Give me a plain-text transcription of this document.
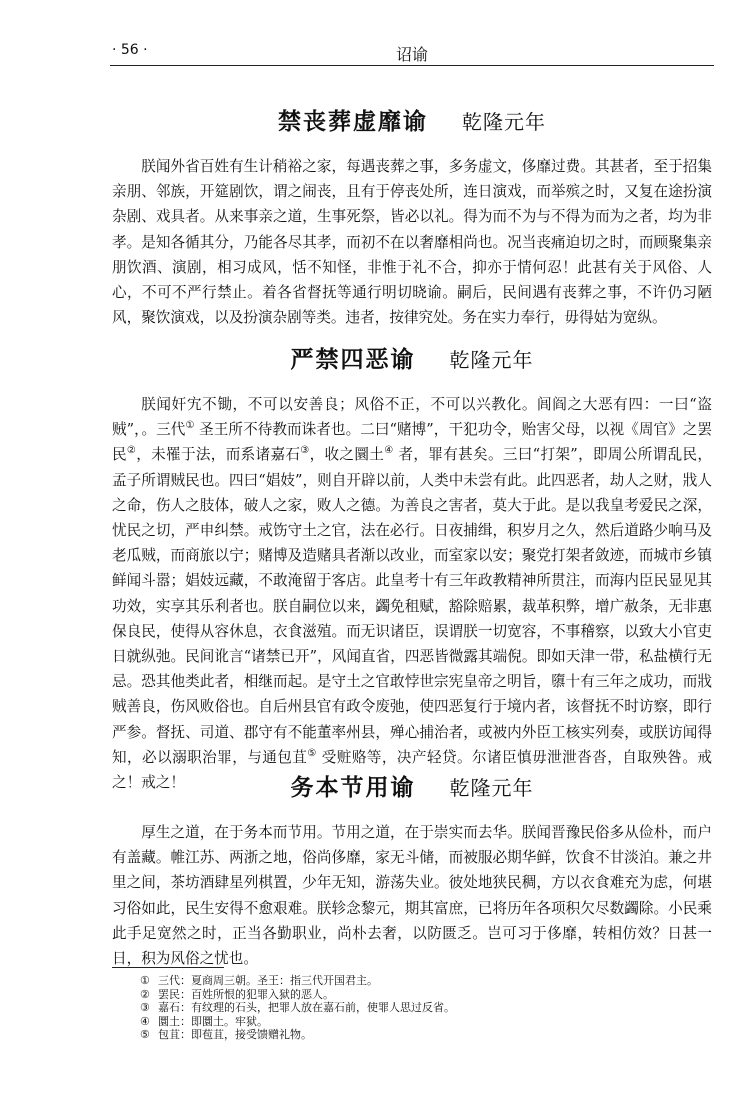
· 56 ·	诏谕
禁丧葬虚靡谕 乾隆元年

朕闻外省百姓有生计稍裕之家，每遇丧葬之事，多务虚文，侈靡过费。其甚者，至于招集亲朋、邻族，开筵剧饮，谓之闹丧，且有于停丧处所，连日演戏，而举殡之时，又复在途扮演杂剧、戏具者。从来事亲之道，生事死祭，皆必以礼。得为而不为与不得为而为之者，均为非孝。是知各循其分，乃能各尽其孝，而初不在以奢靡相尚也。况当丧痛迫切之时，而顾聚集亲朋饮酒、演剧，相习成风，恬不知怪，非惟于礼不合，抑亦于情何忍！此甚有关于风俗、人心，不可不严行禁止。着各省督抚等通行明切晓谕。嗣后，民间遇有丧葬之事，不许仍习陋风，聚饮演戏，以及扮演杂剧等类。违者，按律究处。务在实力奉行，毋得姑为宽纵。

严禁四恶谕 乾隆元年

朕闻奸宄不锄，不可以安善良；风俗不正，不可以兴教化。闾阎之大恶有四：一曰“盗贼”，。三代① 圣王所不待教而诛者也。二曰“赌博”，干犯功令，贻害父母，以视《周官》之罢民②，未罹于法，而系诸嘉石③，收之圜土④ 者，罪有甚矣。三曰“打架”，即周公所谓乱民，孟子所谓贼民也。四曰“娼妓”，则自开辟以前，人类中未尝有此。此四恶者，劫人之财，戕人之命，伤人之肢体，破人之家，败人之德。为善良之害者，莫大于此。是以我皇考爱民之深，忧民之切，严申纠禁。戒饬守土之官，法在必行。日夜捕缉，积岁月之久，然后道路少响马及老瓜贼，而商旅以宁；赌博及造赌具者渐以改业，而室家以安；聚党打架者敛迹，而城市乡镇鲜闻斗嚣；娼妓远藏，不敢淹留于客店。此皇考十有三年政教精神所贯注，而海内臣民显见其功效，实享其乐利者也。朕自嗣位以来，蠲免租赋，豁除赔累，裁革积弊，增广赦条，无非惠保良民，使得从容休息，衣食滋殖。而无识诸臣，误谓朕一切宽容，不事稽察，以致大小官吏日就纵弛。民间讹言“诸禁已开”，风闻直省，四恶皆微露其端倪。即如天津一带，私盐横行无忌。恐其他类此者，相继而起。是守土之官敢悖世宗宪皇帝之明旨，隳十有三年之成功，而戕贼善良，伤风败俗也。自后州县官有政令废弛，使四恶复行于境内者，该督抚不时访察，即行严参。督抚、司道、郡守有不能董率州县，殚心捕治者，或被内外臣工核实列奏，或朕访闻得知，必以溺职治罪，与通包苴⑤ 受赃赂等，决产轻贷。尔诸臣慎毋泄泄沓沓，自取殃咎。戒之！戒之！	务本节用谕 乾隆元年

厚生之道，在于务本而节用。节用之道，在于崇实而去华。朕闻晋豫民俗多从俭朴，而户有盖藏。帷江苏、两浙之地，俗尚侈靡，家无斗储，而被服必期华鲜，饮食不甘淡泊。兼之井里之间，茶坊酒肆星列棋置，少年无知，游荡失业。彼处地狭民稠，方以衣食难充为虑，何堪习俗如此，民生安得不愈艰难。朕轸念黎元，期其富庶，已将历年各项积欠尽数蠲除。小民乘此手足宽然之时，正当各勤职业，尚朴去奢，以防匮乏。岂可习于侈靡，转相仿效？日甚一日，积为风俗之忧也。

① 三代：夏商周三朝。圣王：指三代开国君主。
② 罢民：百姓所恨的犯罪入狱的恶人。
③ 嘉石：有纹理的石头，把罪人放在嘉石前，使罪人思过反省。
④ 圜土：即圜土。牢狱。
⑤ 包苴：即苞苴，接受馈赠礼物。
